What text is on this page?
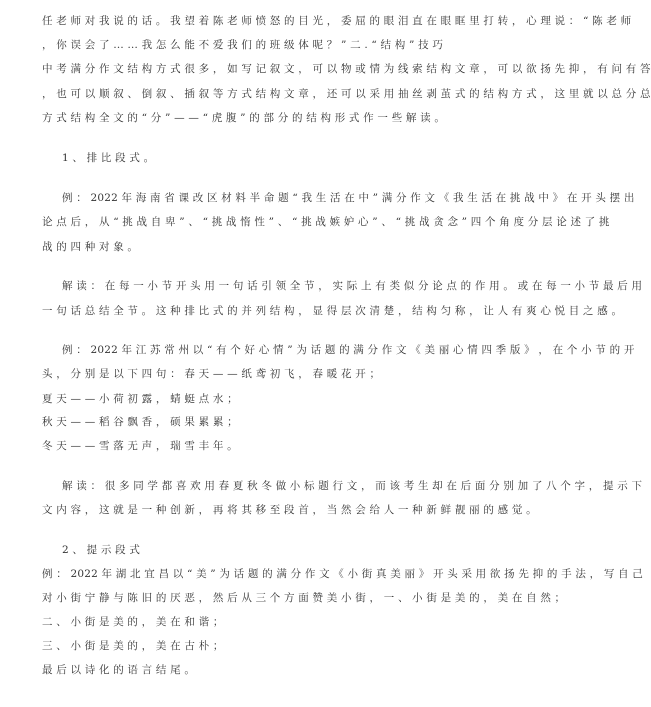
任 老 师 对 我 说 的 话 。 我 望 着 陈 老 师 愤 怒 的 目 光 ， 委 屈 的 眼 泪 直 在 眼 眶 里 打 转 ， 心 理 说 ： “ 陈 老 师
， 你 误 会 了 … … 我 怎 么 能 不 爱 我 们 的 班 级 体 呢 ？ ” 二 . “ 结 构 ” 技 巧
中 考 满 分 作 文 结 构 方 式 很 多 ， 如 写 记 叙 文 ， 可 以 物 或 情 为 线 索 结 构 文 章 ， 可 以 欲 扬 先 抑 ， 有 问 有 答
， 也 可 以 顺 叙 、 倒 叙 、 插 叙 等 方 式 结 构 文 章 ， 还 可 以 采 用 抽 丝 剥 茧 式 的 结 构 方 式 ， 这 里 就 以 总 分 总
方 式 结 构 全 文 的 “ 分 ” — — “ 虎 腹 ” 的 部 分 的 结 构 形 式 作 一 些 解 读 。
1 、 排 比 段 式 。
例 ： 2022 年 海 南 省 课 改 区 材 料 半 命 题 “ 我 生 活 在 中 ” 满 分 作 文 《 我 生 活 在 挑 战 中 》 在 开 头 摆 出
论 点 后 ， 从 “ 挑 战 自 卑 ” 、 “ 挑 战 惰 性 ” 、 “ 挑 战 嫉 妒 心 ” 、 “ 挑 战 贪 念 ” 四 个 角 度 分 层 论 述 了 挑
战 的 四 种 对 象 。
解 读 ： 在 每 一 小 节 开 头 用 一 句 话 引 领 全 节 ， 实 际 上 有 类 似 分 论 点 的 作 用 。 或 在 每 一 小 节 最 后 用
一 句 话 总 结 全 节 。 这 种 排 比 式 的 并 列 结 构 ， 显 得 层 次 清 楚 ， 结 构 匀 称 ， 让 人 有 爽 心 悦 目 之 感 。
例 ： 2022 年 江 苏 常 州 以 “ 有 个 好 心 情 ” 为 话 题 的 满 分 作 文 《 美 丽 心 情 四 季 版 》 ， 在 个 小 节 的 开
头 ， 分 别 是 以 下 四 句 ： 春 天 — — 纸 鸢 初 飞 ， 春 暖 花 开 ；
夏 天 — — 小 荷 初 露 ， 蜻 蜓 点 水 ；
秋 天 — — 稻 谷 飘 香 ， 硕 果 累 累 ；
冬 天 — — 雪 落 无 声 ， 瑞 雪 丰 年 。
解 读 ： 很 多 同 学 都 喜 欢 用 春 夏 秋 冬 做 小 标 题 行 文 ， 而 该 考 生 却 在 后 面 分 别 加 了 八 个 字 ， 提 示 下
文 内 容 ， 这 就 是 一 种 创 新 ， 再 将 其 移 至 段 首 ， 当 然 会 给 人 一 种 新 鲜 靓 丽 的 感 觉 。
2 、 提 示 段 式
例 ： 2022 年 湖 北 宜 昌 以 “ 美 ” 为 话 题 的 满 分 作 文 《 小 街 真 美 丽 》 开 头 采 用 欲 扬 先 抑 的 手 法 ， 写 自 己
对 小 街 宁 静 与 陈 旧 的 厌 恶 ， 然 后 从 三 个 方 面 赞 美 小 街 ， 一 、 小 街 是 美 的 ， 美 在 自 然 ；
二 、 小 街 是 美 的 ， 美 在 和 谐 ；
三 、 小 街 是 美 的 ， 美 在 古 朴 ；
最 后 以 诗 化 的 语 言 结 尾 。
